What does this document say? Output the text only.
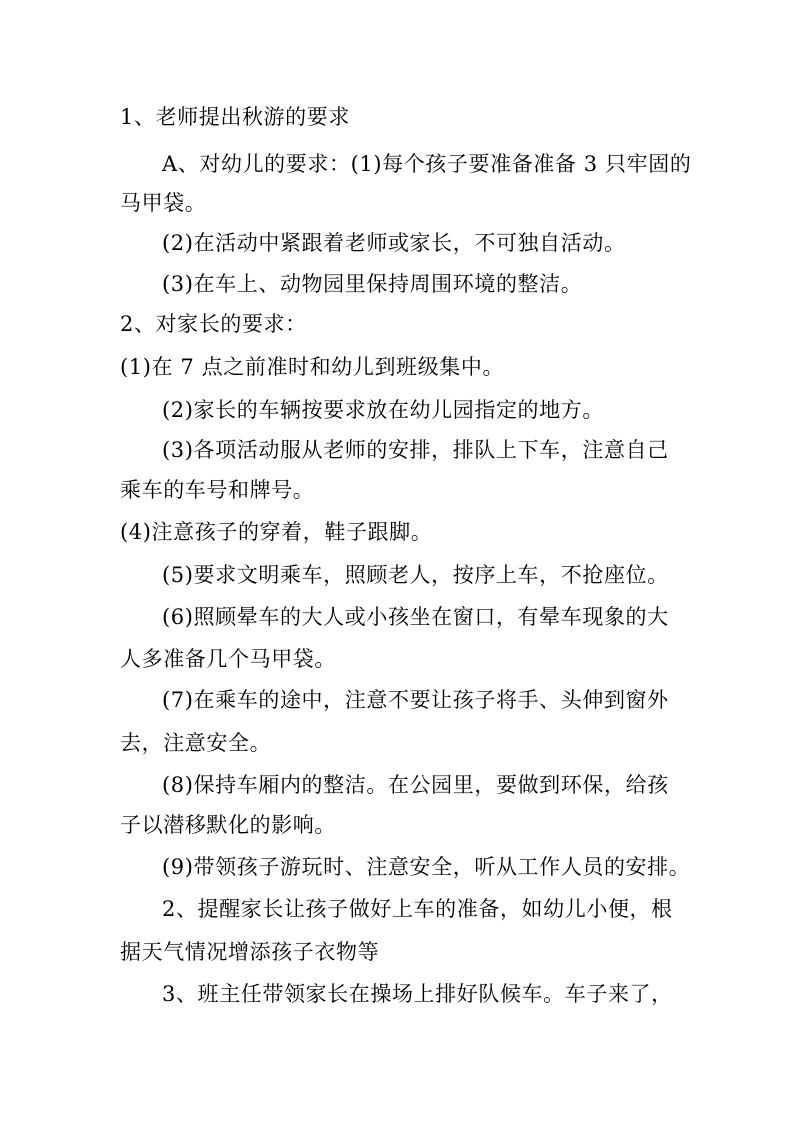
1、老师提出秋游的要求
A、对幼儿的要求：(1)每个孩子要准备准备 3 只牢固的
马甲袋。
(2)在活动中紧跟着老师或家长，不可独自活动。
(3)在车上、动物园里保持周围环境的整洁。
2、对家长的要求：
(1)在 7 点之前准时和幼儿到班级集中。
(2)家长的车辆按要求放在幼儿园指定的地方。
(3)各项活动服从老师的安排，排队上下车，注意自己
乘车的车号和牌号。
(4)注意孩子的穿着，鞋子跟脚。
(5)要求文明乘车，照顾老人，按序上车，不抢座位。
(6)照顾晕车的大人或小孩坐在窗口，有晕车现象的大
人多准备几个马甲袋。
(7)在乘车的途中，注意不要让孩子将手、头伸到窗外
去，注意安全。
(8)保持车厢内的整洁。在公园里，要做到环保，给孩
子以潜移默化的影响。
(9)带领孩子游玩时、注意安全，听从工作人员的安排。
2、提醒家长让孩子做好上车的准备，如幼儿小便，根
据天气情况增添孩子衣物等
3、班主任带领家长在操场上排好队候车。车子来了，
